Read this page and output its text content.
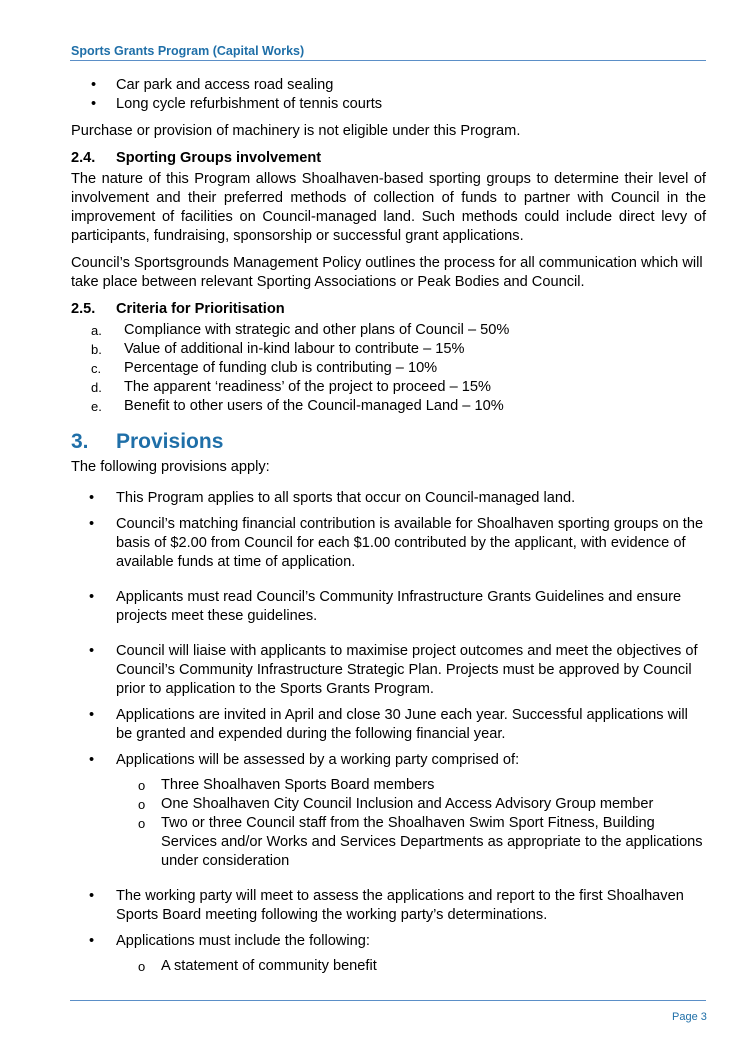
Sports Grants Program (Capital Works)
• Car park and access road sealing
• Long cycle refurbishment of tennis courts

Purchase or provision of machinery is not eligible under this Program.

2.4. Sporting Groups involvement

The nature of this Program allows Shoalhaven-based sporting groups to determine their level of involvement and their preferred methods of collection of funds to partner with Council in the improvement of facilities on Council-managed land. Such methods could include direct levy of participants, fundraising, sponsorship or successful grant applications.

Council’s Sportsgrounds Management Policy outlines the process for all communication which will take place between relevant Sporting Associations or Peak Bodies and Council.

2.5. Criteria for Prioritisation
a. Compliance with strategic and other plans of Council – 50%
b. Value of additional in-kind labour to contribute – 15%
c. Percentage of funding club is contributing – 10%
d. The apparent ‘readiness’ of the project to proceed – 15%
e. Benefit to other users of the Council-managed Land – 10%
3. Provisions

The following provisions apply:

• This Program applies to all sports that occur on Council-managed land.
• Council’s matching financial contribution is available for Shoalhaven sporting groups on the basis of $2.00 from Council for each $1.00 contributed by the applicant, with evidence of available funds at time of application.
• Applicants must read Council’s Community Infrastructure Grants Guidelines and ensure projects meet these guidelines.
• Council will liaise with applicants to maximise project outcomes and meet the objectives of Council’s Community Infrastructure Strategic Plan. Projects must be approved by Council prior to application to the Sports Grants Program.
• Applications are invited in April and close 30 June each year. Successful applications will be granted and expended during the following financial year.
• Applications will be assessed by a working party comprised of:
o Three Shoalhaven Sports Board members
o One Shoalhaven City Council Inclusion and Access Advisory Group member
o Two or three Council staff from the Shoalhaven Swim Sport Fitness, Building Services and/or Works and Services Departments as appropriate to the applications under consideration
• The working party will meet to assess the applications and report to the first Shoalhaven Sports Board meeting following the working party’s determinations.
• Applications must include the following:
o A statement of community benefit
Page 3
